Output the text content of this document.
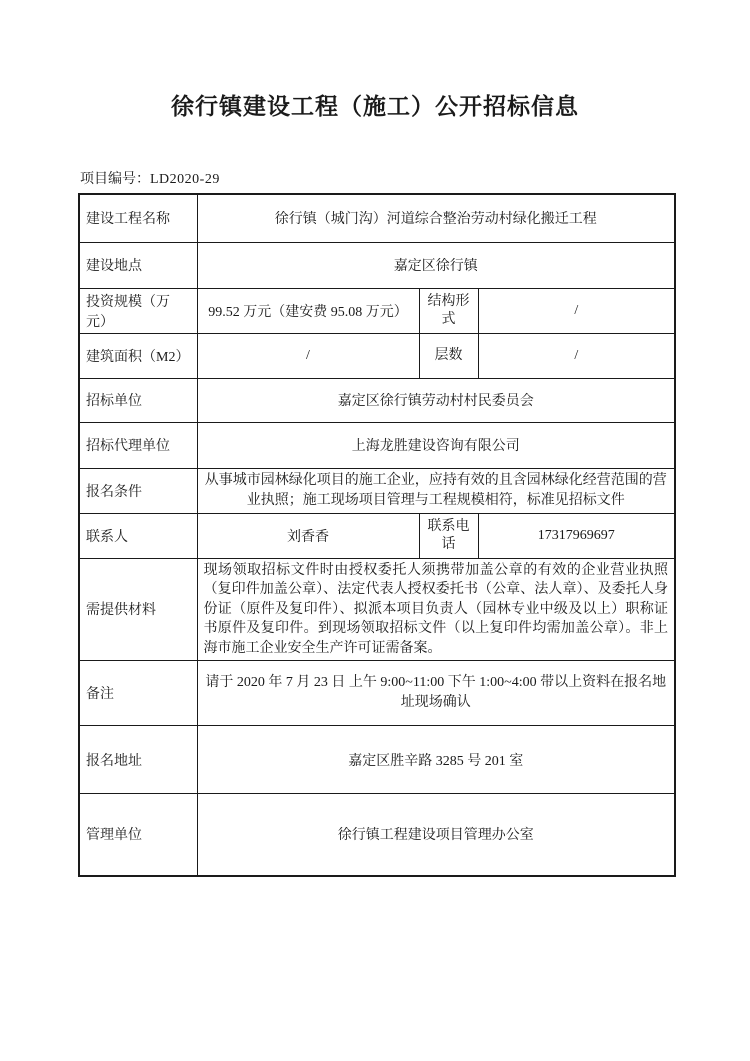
徐行镇建设工程（施工）公开招标信息
项目编号：LD2020-29
建设工程名称	徐行镇（城门沟）河道综合整治劳动村绿化搬迁工程		
建设地点	嘉定区徐行镇		
投资规模（万元）	99.52 万元（建安费 95.08 万元）	结构形式	/
建筑面积（M2）	/	层数	/
招标单位	嘉定区徐行镇劳动村村民委员会		
招标代理单位	上海龙胜建设咨询有限公司		
报名条件	从事城市园林绿化项目的施工企业，应持有效的且含园林绿化经营范围的营业执照；施工现场项目管理与工程规模相符，标准见招标文件		
联系人	刘香香	联系电话	17317969697
需提供材料	现场领取招标文件时由授权委托人须携带加盖公章的有效的企业营业执照（复印件加盖公章）、法定代表人授权委托书（公章、法人章）、及委托人身份证（原件及复印件）、拟派本项目负责人（园林专业中级及以上）职称证书原件及复印件。到现场领取招标文件（以上复印件均需加盖公章）。非上海市施工企业安全生产许可证需备案。		
备注	请于 2020 年 7 月 23 日 上午 9:00~11:00 下午 1:00~4:00 带以上资料在报名地址现场确认		
报名地址	嘉定区胜辛路 3285 号 201 室		
管理单位	徐行镇工程建设项目管理办公室		
